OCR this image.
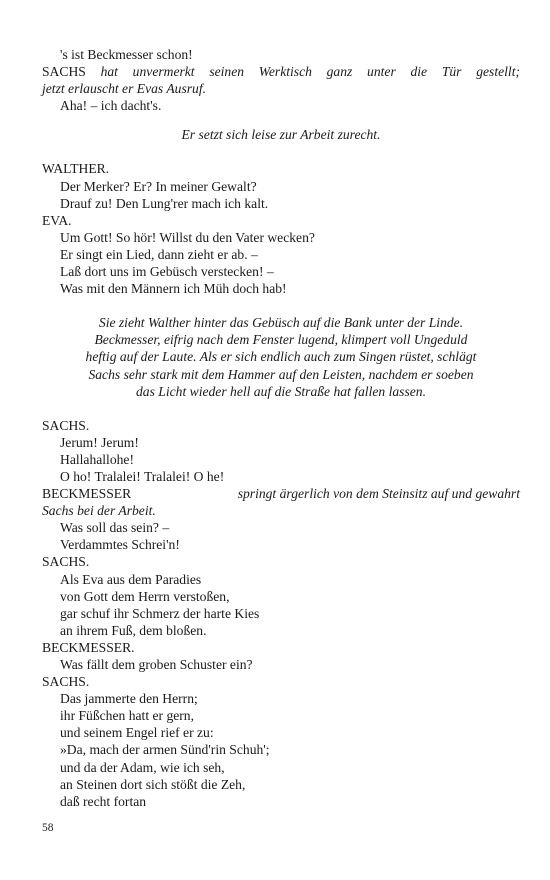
's ist Beckmesser schon!

SACHS hat unvermerkt seinen Werktisch ganz unter die Tür gestellt;

jetzt erlauscht er Evas Ausruf.

Aha! – ich dacht's.

Er setzt sich leise zur Arbeit zurecht.

WALTHER.

Der Merker? Er? In meiner Gewalt?

Drauf zu! Den Lung'rer mach ich kalt.

EVA.

Um Gott! So hör! Willst du den Vater wecken?

Er singt ein Lied, dann zieht er ab. –

Laß dort uns im Gebüsch verstecken! –

Was mit den Männern ich Müh doch hab!

Sie zieht Walther hinter das Gebüsch auf die Bank unter der Linde.

Beckmesser, eifrig nach dem Fenster lugend, klimpert voll Ungeduld

heftig auf der Laute. Als er sich endlich auch zum Singen rüstet, schlägt

Sachs sehr stark mit dem Hammer auf den Leisten, nachdem er soeben

das Licht wieder hell auf die Straße hat fallen lassen.

SACHS.

Jerum! Jerum!

Hallahallohe!

O ho! Tralalei! Tralalei! O he!

BECKMESSER	springt ärgerlich von dem Steinsitz auf und gewahrt

Sachs bei der Arbeit.

Was soll das sein? –

Verdammtes Schrei'n!

SACHS.

Als Eva aus dem Paradies

von Gott dem Herrn verstoßen,

gar schuf ihr Schmerz der harte Kies

an ihrem Fuß, dem bloßen.

BECKMESSER.

Was fällt dem groben Schuster ein?

SACHS.

Das jammerte den Herrn;

ihr Füßchen hatt er gern,

und seinem Engel rief er zu:

»Da, mach der armen Sünd'rin Schuh';

und da der Adam, wie ich seh,

an Steinen dort sich stößt die Zeh,

daß recht fortan

58
